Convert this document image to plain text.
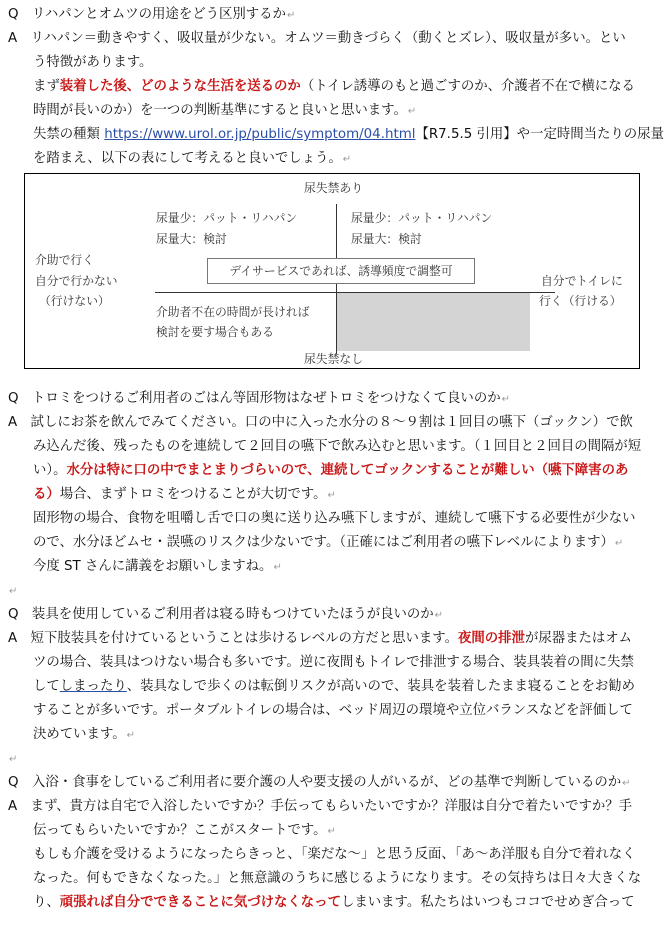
Q　リハパンとオムツの用途をどう区別するか↵
A　リハパン＝動きやすく、吸収量が少ない。オムツ＝動きづらく（動くとズレ）、吸収量が多い。とい
う特徴があります。
まず装着した後、どのような生活を送るのか（トイレ誘導のもと過ごすのか、介護者不在で横になる
時間が長いのか）を一つの判断基準にすると良いと思います。↵
失禁の種類 https://www.urol.or.jp/public/symptom/04.html【R7.5.5 引用】や一定時間当たりの尿量
を踏まえ、以下の表にして考えると良いでしょう。↵
Q　トロミをつけるご利用者のごはん等固形物はなぜトロミをつけなくて良いのか↵
A　試しにお茶を飲んでみてください。口の中に入った水分の８～９割は１回目の嚥下（ゴックン）で飲
み込んだ後、残ったものを連続して２回目の嚥下で飲み込むと思います。（１回目と２回目の間隔が短
い）。水分は特に口の中でまとまりづらいので、連続してゴックンすることが難しい（嚥下障害のあ
る）場合、まずトロミをつけることが大切です。↵
固形物の場合、食物を咀嚼し舌で口の奥に送り込み嚥下しますが、連続して嚥下する必要性が少ない
ので、水分ほどムセ・誤嚥のリスクは少ないです。（正確にはご利用者の嚥下レベルによります）↵
今度 ST さんに講義をお願いしますね。↵
↵
Q　装具を使用しているご利用者は寝る時もつけていたほうが良いのか↵
A　短下肢装具を付けているということは歩けるレベルの方だと思います。夜間の排泄が尿器またはオム
ツの場合、装具はつけない場合も多いです。逆に夜間もトイレで排泄する場合、装具装着の間に失禁
してしまったり、装具なしで歩くのは転倒リスクが高いので、装具を装着したまま寝ることをお勧め
することが多いです。ポータブルトイレの場合は、ベッド周辺の環境や立位バランスなどを評価して
決めています。↵
↵
Q　入浴・食事をしているご利用者に要介護の人や要支援の人がいるが、どの基準で判断しているのか↵
A　まず、貴方は自宅で入浴したいですか？手伝ってもらいたいですか？洋服は自分で着たいですか？手
伝ってもらいたいですか？ここがスタートです。↵
もしも介護を受けるようになったらきっと、「楽だな～」と思う反面、「あ～あ洋服も自分で着れなく
なった。何もできなくなった。」と無意識のうちに感じるようになります。その気持ちは日々大きくな
り、頑張れば自分でできることに気づけなくなってしまいます。私たちはいつもココでせめぎ合って
尿失禁あり
尿量少：パット・リハパン
尿量大：検討
尿量少：パット・リハパン
尿量大：検討
デイサービスであれば、誘導頻度で調整可
介助で行く
自分で行かない
（行けない）
自分でトイレに
行く（行ける）
介助者不在の時間が長ければ
検討を要す場合もある
尿失禁なし
